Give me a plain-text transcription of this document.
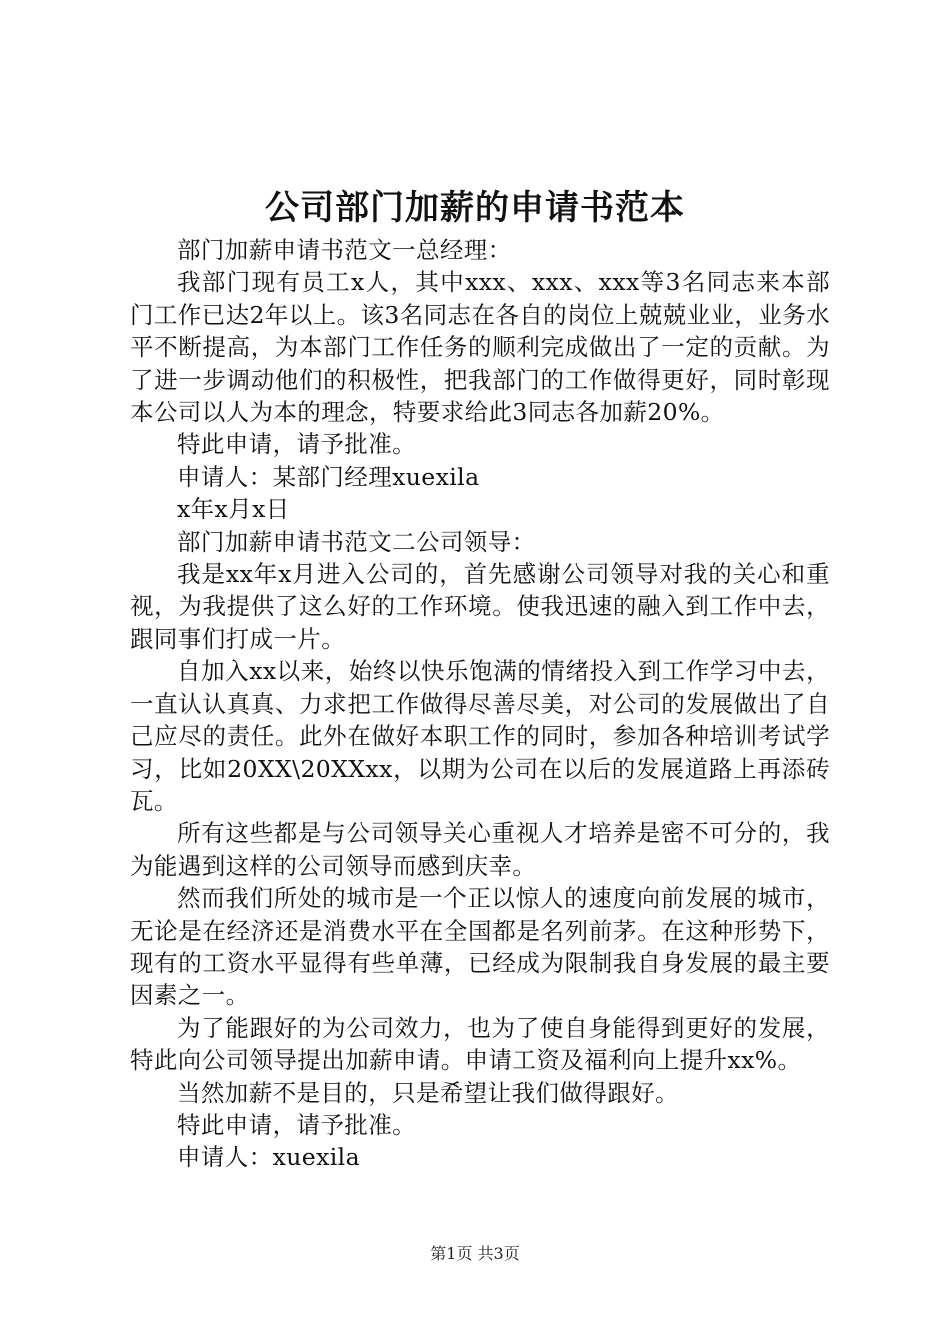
公司部门加薪的申请书范本

部门加薪申请书范文一总经理：

我部门现有员工x人，其中xxx、xxx、xxx等3名同志来本部门工作已达2年以上。该3名同志在各自的岗位上兢兢业业，业务水平不断提高，为本部门工作任务的顺利完成做出了一定的贡献。为了进一步调动他们的积极性，把我部门的工作做得更好，同时彰现本公司以人为本的理念，特要求给此3同志各加薪20%。

特此申请，请予批准。

申请人：某部门经理xuexila

x年x月x日

部门加薪申请书范文二公司领导：

我是xx年x月进入公司的，首先感谢公司领导对我的关心和重视，为我提供了这么好的工作环境。使我迅速的融入到工作中去，跟同事们打成一片。

自加入xx以来，始终以快乐饱满的情绪投入到工作学习中去，一直认认真真、力求把工作做得尽善尽美，对公司的发展做出了自己应尽的责任。此外在做好本职工作的同时，参加各种培训考试学习，比如20XX\20XXxx，以期为公司在以后的发展道路上再添砖瓦。

所有这些都是与公司领导关心重视人才培养是密不可分的，我为能遇到这样的公司领导而感到庆幸。

然而我们所处的城市是一个正以惊人的速度向前发展的城市，无论是在经济还是消费水平在全国都是名列前茅。在这种形势下，现有的工资水平显得有些单薄，已经成为限制我自身发展的最主要因素之一。

为了能跟好的为公司效力，也为了使自身能得到更好的发展，特此向公司领导提出加薪申请。申请工资及福利向上提升xx%。

当然加薪不是目的，只是希望让我们做得跟好。

特此申请，请予批准。

申请人：xuexila

第1页 共3页
